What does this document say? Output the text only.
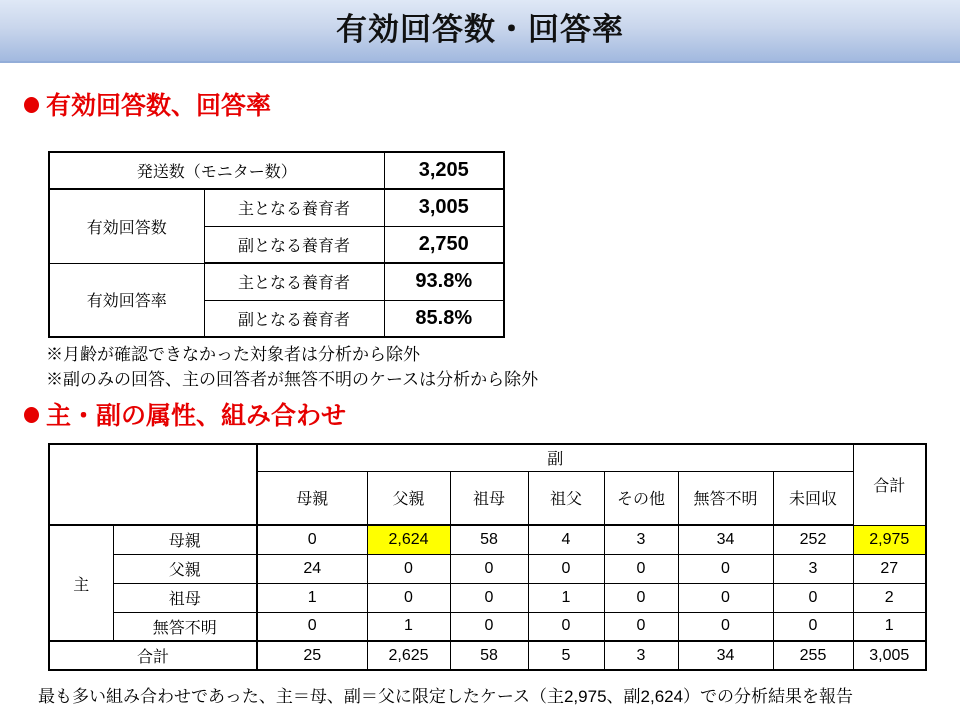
有効回答数・回答率
有効回答数、回答率
発送数（モニター数）		3,205
有効回答数	主となる養育者	3,005
	副となる養育者	2,750
有効回答率	主となる養育者	93.8%
	副となる養育者	85.8%
※月齢が確認できなかった対象者は分析から除外
※副のみの回答、主の回答者が無答不明のケースは分析から除外
主・副の属性、組み合わせ
		副							合計
		母親	父親	祖母	祖父	その他	無答不明	未回収	
主	母親	0	2,624	58	4	3	34	252	2,975
	父親	24	0	0	0	0	0	3	27
	祖母	1	0	0	1	0	0	0	2
	無答不明	0	1	0	0	0	0	0	1
合計		25	2,625	58	5	3	34	255	3,005
最も多い組み合わせであった、主＝母、副＝父に限定したケース（主2,975、副2,624）での分析結果を報告
